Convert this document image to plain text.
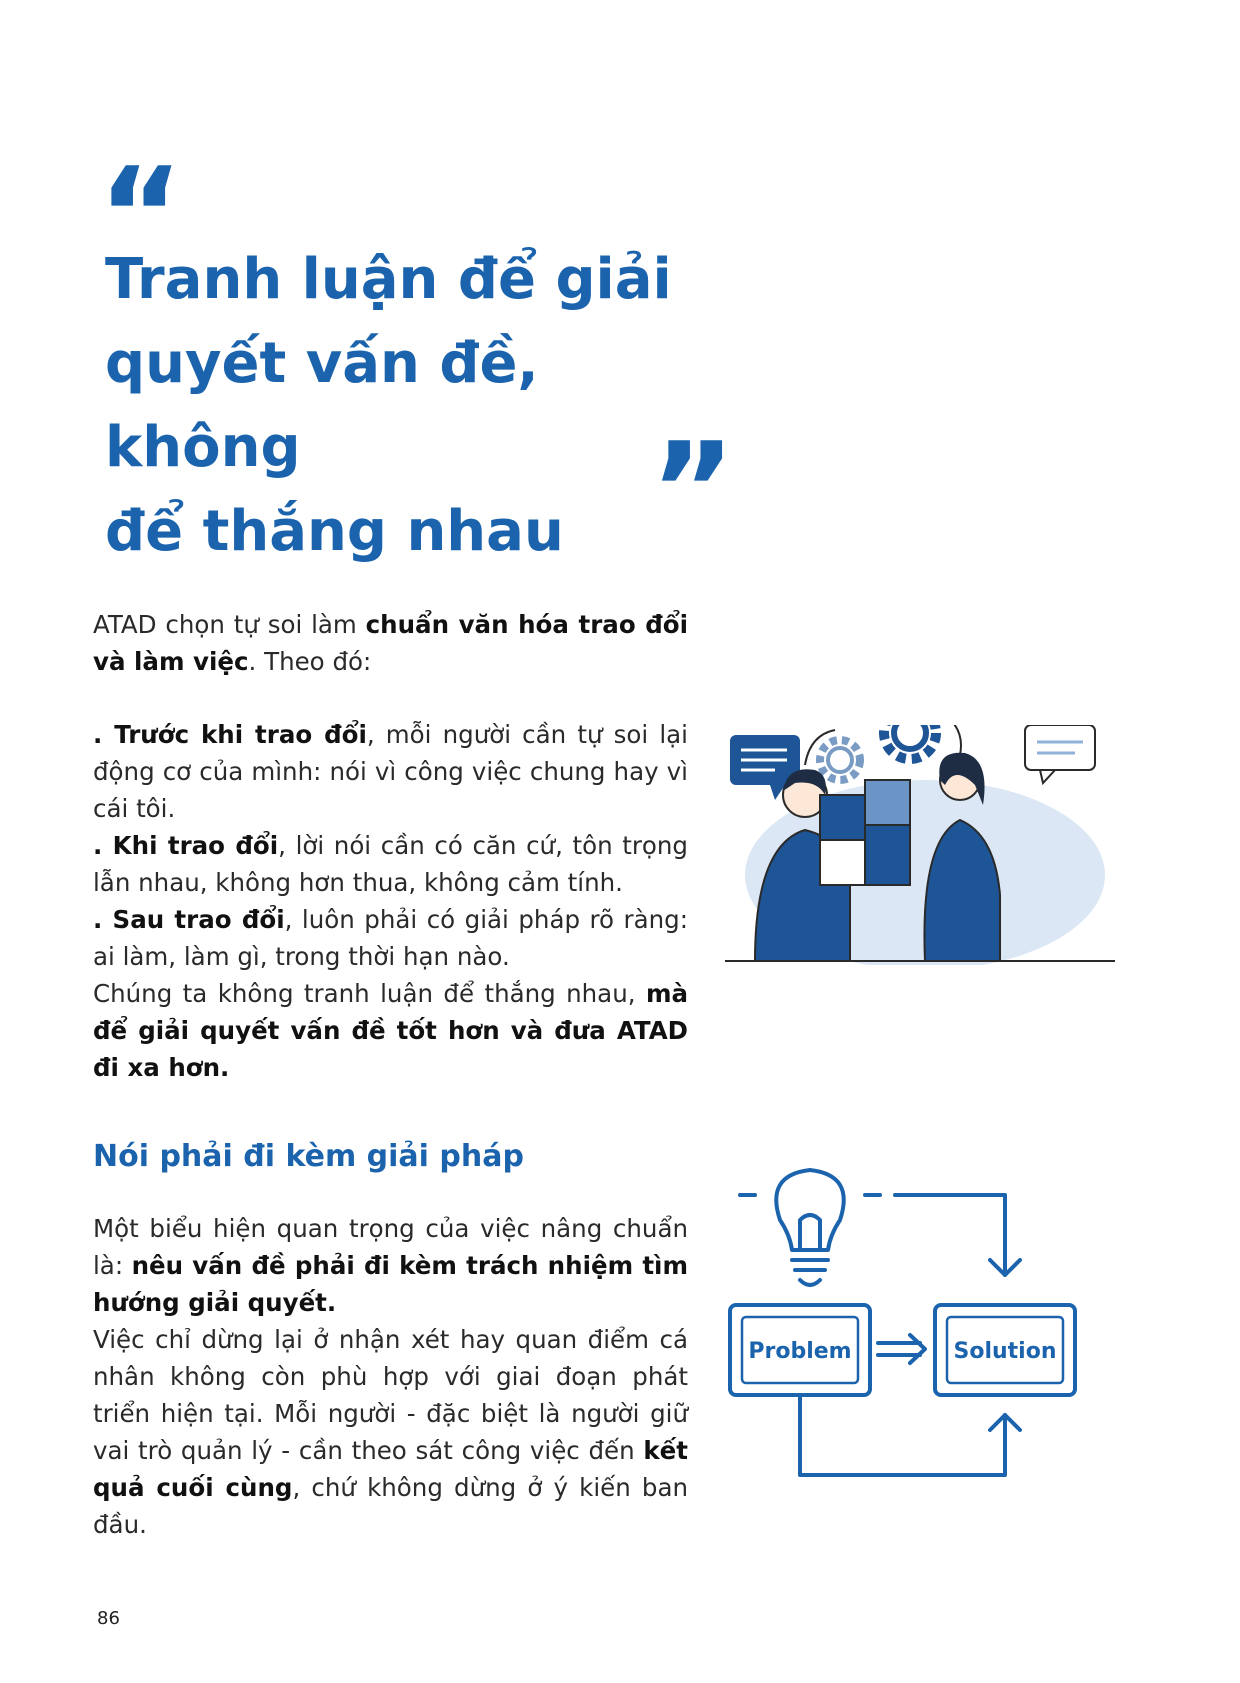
“
Tranh luận để giải
quyết vấn đề, không
để thắng nhau ”

ATAD chọn tự soi làm chuẩn văn hóa trao đổi và làm việc. Theo đó:

. Trước khi trao đổi, mỗi người cần tự soi lại động cơ của mình: nói vì công việc chung hay vì cái tôi.

. Khi trao đổi, lời nói cần có căn cứ, tôn trọng lẫn nhau, không hơn thua, không cảm tính.

. Sau trao đổi, luôn phải có giải pháp rõ ràng: ai làm, làm gì, trong thời hạn nào.

Chúng ta không tranh luận để thắng nhau, mà để giải quyết vấn đề tốt hơn và đưa ATAD đi xa hơn.

Nói phải đi kèm giải pháp

Một biểu hiện quan trọng của việc nâng chuẩn là: nêu vấn đề phải đi kèm trách nhiệm tìm hướng giải quyết.

Việc chỉ dừng lại ở nhận xét hay quan điểm cá nhân không còn phù hợp với giai đoạn phát triển hiện tại. Mỗi người - đặc biệt là người giữ vai trò quản lý - cần theo sát công việc đến kết quả cuối cùng, chứ không dừng ở ý kiến ban đầu.

Problem	Solution
86
